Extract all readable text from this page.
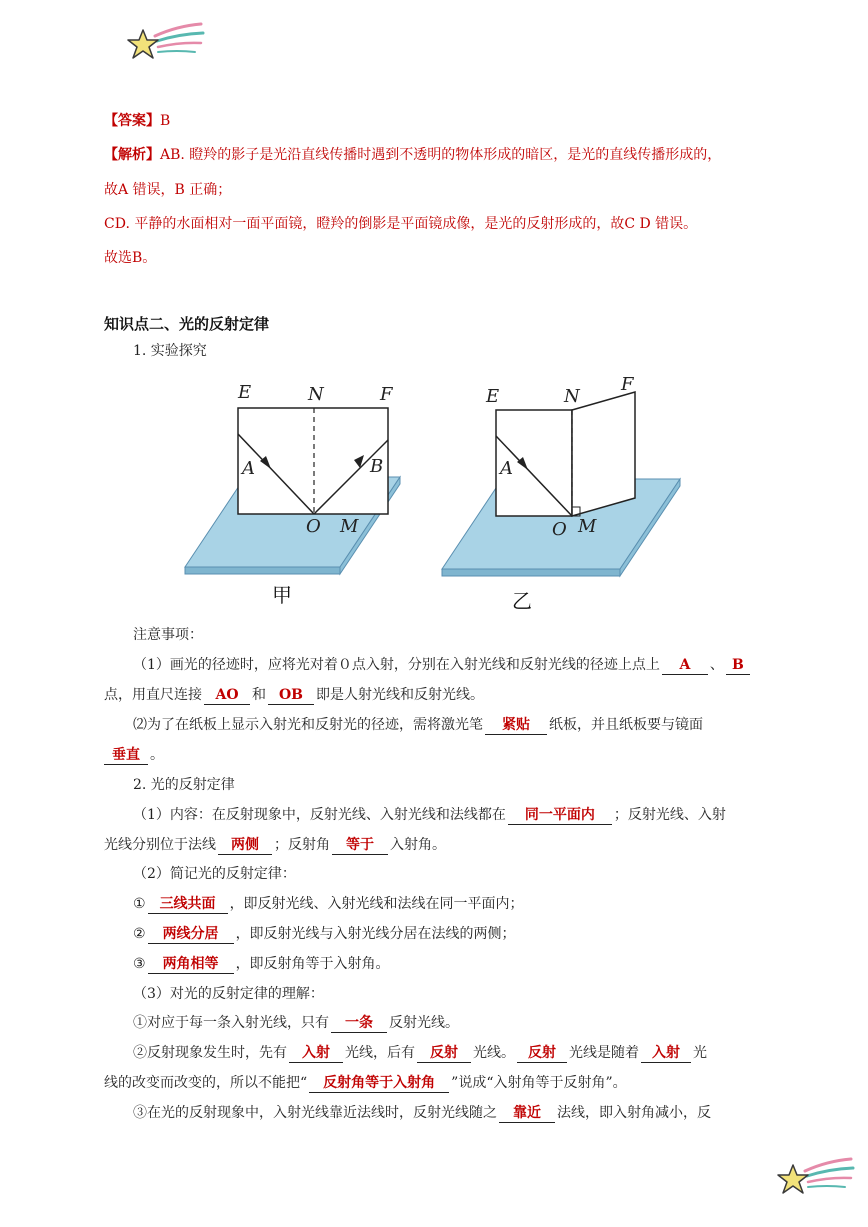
【答案】B
【解析】AB. 瞪羚的影子是光沿直线传播时遇到不透明的物体形成的暗区，是光的直线传播形成的，
故A 错误，B 正确；
CD. 平静的水面相对一面平面镜，瞪羚的倒影是平面镜成像，是光的反射形成的，故C D 错误。
故选B。
知识点二、光的反射定律
1. 实验探究
E	N	F
A	B
O M
甲
E	N
F
A
O M
乙
注意事项：
（1）画光的径迹时，应将光对着０点入射，分别在入射光线和反射光线的径迹上点上 A 、 B
点，用直尺连接 AO 和 OB 即是人射光线和反射光线。
⑵为了在纸板上显示入射光和反射光的径迹，需将激光笔 紧贴 纸板，并且纸板要与镜面
垂直 。
2. 光的反射定律
（1）内容：在反射现象中，反射光线、入射光线和法线都在 同一平面内 ；反射光线、入射
光线分别位于法线 两侧 ；反射角 等于 入射角。
（2）简记光的反射定律：
① 三线共面 ，即反射光线、入射光线和法线在同一平面内；
② 两线分居 ，即反射光线与入射光线分居在法线的两侧；
③ 两角相等 ，即反射角等于入射角。
（3）对光的反射定律的理解：
①对应于每一条入射光线，只有 一条 反射光线。
②反射现象发生时，先有 入射 光线，后有 反射 光线。 反射 光线是随着 入射 光
线的改变而改变的，所以不能把“ 反射角等于入射角 ”说成“入射角等于反射角”。
③在光的反射现象中，入射光线靠近法线时，反射光线随之 靠近 法线，即入射角减小，反
